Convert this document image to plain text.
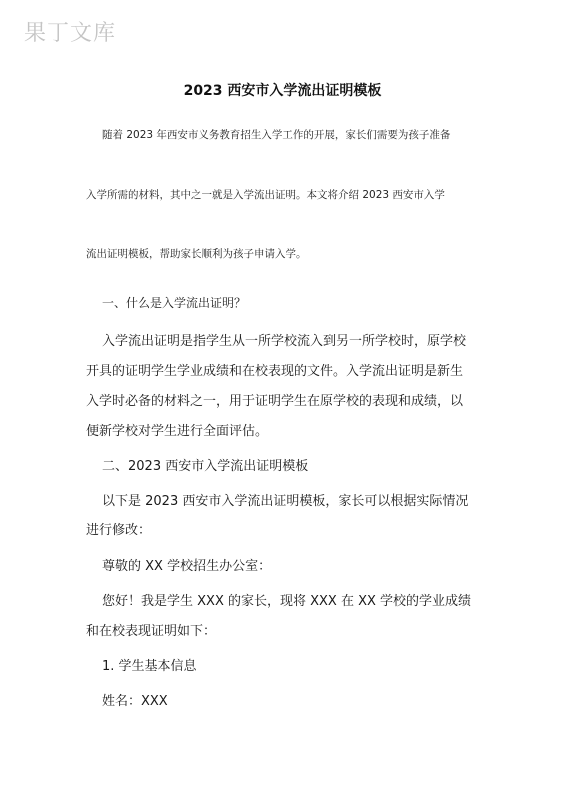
果丁文库
2023 西安市入学流出证明模板
随着 2023 年西安市义务教育招生入学工作的开展，家长们需要为孩子准备
入学所需的材料，其中之一就是入学流出证明。本文将介绍 2023 西安市入学
流出证明模板，帮助家长顺利为孩子申请入学。
一、什么是入学流出证明？
入学流出证明是指学生从一所学校流入到另一所学校时，原学校
开具的证明学生学业成绩和在校表现的文件。入学流出证明是新生
入学时必备的材料之一，用于证明学生在原学校的表现和成绩，以
便新学校对学生进行全面评估。
二、2023 西安市入学流出证明模板
以下是 2023 西安市入学流出证明模板，家长可以根据实际情况
进行修改：
尊敬的 XX 学校招生办公室：
您好！我是学生 XXX 的家长，现将 XXX 在 XX 学校的学业成绩
和在校表现证明如下：
1. 学生基本信息
姓名：XXX
